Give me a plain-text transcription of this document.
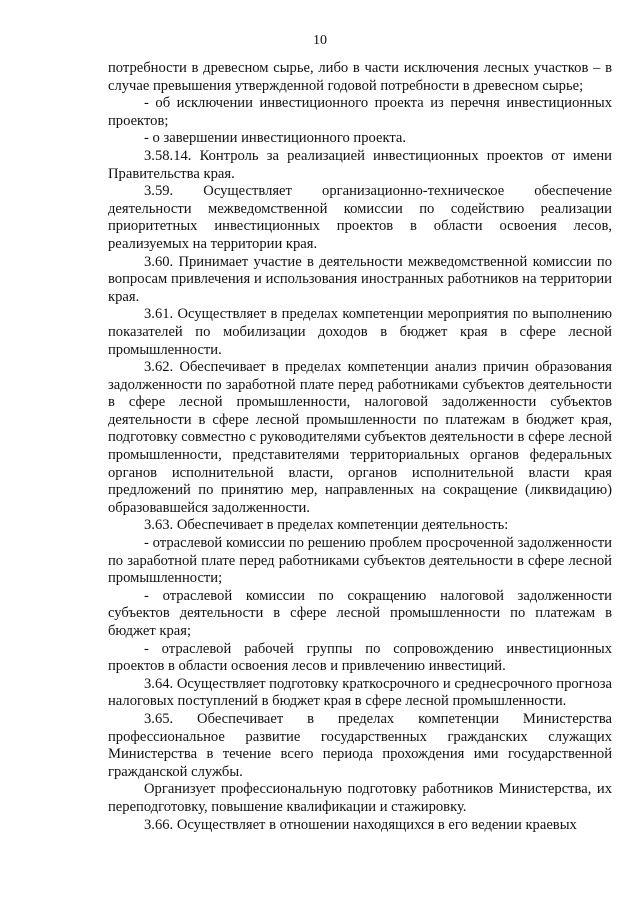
10

потребности в древесном сырье, либо в части исключения лесных участков – в случае превышения утвержденной годовой потребности в древесном сырье;

- об исключении инвестиционного проекта из перечня инвестиционных проектов;

- о завершении инвестиционного проекта.

3.58.14. Контроль за реализацией инвестиционных проектов от имени Правительства края.

3.59. Осуществляет организационно-техническое обеспечение деятельности межведомственной комиссии по содействию реализации приоритетных инвестиционных проектов в области освоения лесов, реализуемых на территории края.

3.60. Принимает участие в деятельности межведомственной комиссии по вопросам привлечения и использования иностранных работников на территории края.

3.61. Осуществляет в пределах компетенции мероприятия по выполнению показателей по мобилизации доходов в бюджет края в сфере лесной промышленности.

3.62. Обеспечивает в пределах компетенции анализ причин образования задолженности по заработной плате перед работниками субъектов деятельности в сфере лесной промышленности, налоговой задолженности субъектов деятельности в сфере лесной промышленности по платежам в бюджет края, подготовку совместно с руководителями субъектов деятельности в сфере лесной промышленности, представителями территориальных органов федеральных органов исполнительной власти, органов исполнительной власти края предложений по принятию мер, направленных на сокращение (ликвидацию) образовавшейся задолженности.

3.63. Обеспечивает в пределах компетенции деятельность:

- отраслевой комиссии по решению проблем просроченной задолженности по заработной плате перед работниками субъектов деятельности в сфере лесной промышленности;

- отраслевой комиссии по сокращению налоговой задолженности субъектов деятельности в сфере лесной промышленности по платежам в бюджет края;

- отраслевой рабочей группы по сопровождению инвестиционных проектов в области освоения лесов и привлечению инвестиций.

3.64. Осуществляет подготовку краткосрочного и среднесрочного прогноза налоговых поступлений в бюджет края в сфере лесной промышленности.

3.65. Обеспечивает в пределах компетенции Министерства профессиональное развитие государственных гражданских служащих Министерства в течение всего периода прохождения ими государственной гражданской службы.

Организует профессиональную подготовку работников Министерства, их переподготовку, повышение квалификации и стажировку.

3.66. Осуществляет в отношении находящихся в его ведении краевых
